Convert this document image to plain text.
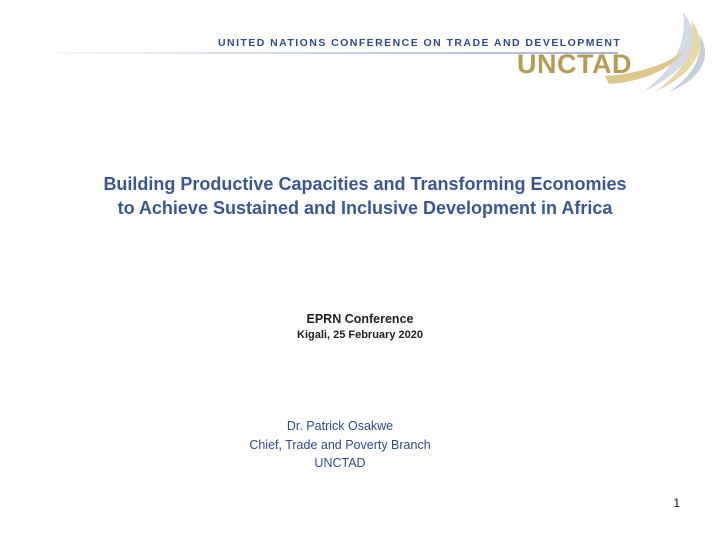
UNITED NATIONS CONFERENCE ON TRADE AND DEVELOPMENT
UNCTAD
Building Productive Capacities and Transforming Economies
to Achieve Sustained and Inclusive Development in Africa
EPRN Conference
Kigali, 25 February 2020
Dr. Patrick Osakwe
Chief, Trade and Poverty Branch
UNCTAD
1
